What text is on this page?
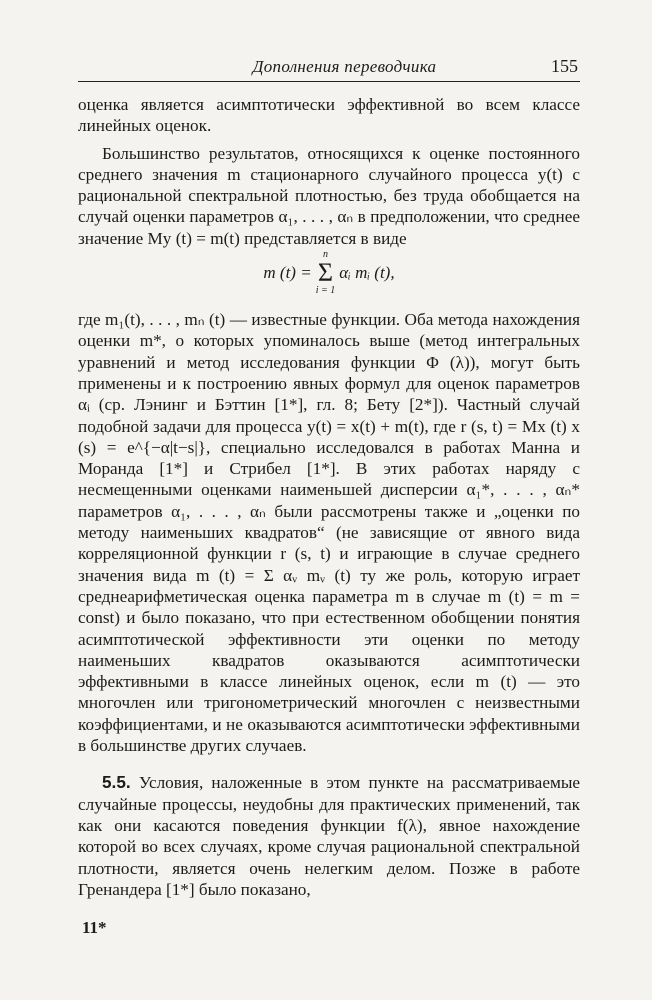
Дополнения переводчика	155

оценка является асимптотически эффективной во всем классе линейных оценок.

Большинство результатов, относящихся к оценке постоянного среднего значения m стационарного случайного процесса y(t) с рациональной спектральной плотностью, без труда обобщается на случай оценки параметров α₁, . . . , αₙ в предположении, что среднее значение My (t) = m(t) представляется в виде

m (t) =
n
Σ
i = 1
αᵢ mᵢ (t),

где m₁(t), . . . , mₙ (t) — известные функции. Оба метода нахождения оценки m*, о которых упоминалось выше (метод интегральных уравнений и метод исследования функции Φ (λ)), могут быть применены и к построению явных формул для оценок параметров αᵢ (ср. Лэнинг и Бэттин [1*], гл. 8; Бету [2*]). Частный случай подобной задачи для процесса y(t) = x(t) + m(t), где r (s, t) = Mx (t) x (s) = e^{−α|t−s|}, специально исследовался в работах Манна и Моранда [1*] и Стрибел [1*]. В этих работах наряду с несмещенными оценками наименьшей дисперсии α₁*, . . . , αₙ* параметров α₁, . . . , αₙ были рассмотрены также и „оценки по методу наименьших квадратов“ (не зависящие от явного вида корреляционной функции r (s, t) и играющие в случае среднего значения вида m (t) = Σ αᵥ mᵥ (t) ту же роль, которую играет среднеарифметическая оценка параметра m в случае m (t) = m = const) и было показано, что при естественном обобщении понятия асимптотической эффективности эти оценки по методу наименьших квадратов оказываются асимптотически эффективными в классе линейных оценок, если m (t) — это многочлен или тригонометрический многочлен с неизвестными коэффициентами, и не оказываются асимптотически эффективными в большинстве других случаев.

5.5. Условия, наложенные в этом пункте на рассматриваемые случайные процессы, неудобны для практических применений, так как они касаются поведения функции f(λ), явное нахождение которой во всех случаях, кроме случая рациональной спектральной плотности, является очень нелегким делом. Позже в работе Гренандера [1*] было показано,

11*
